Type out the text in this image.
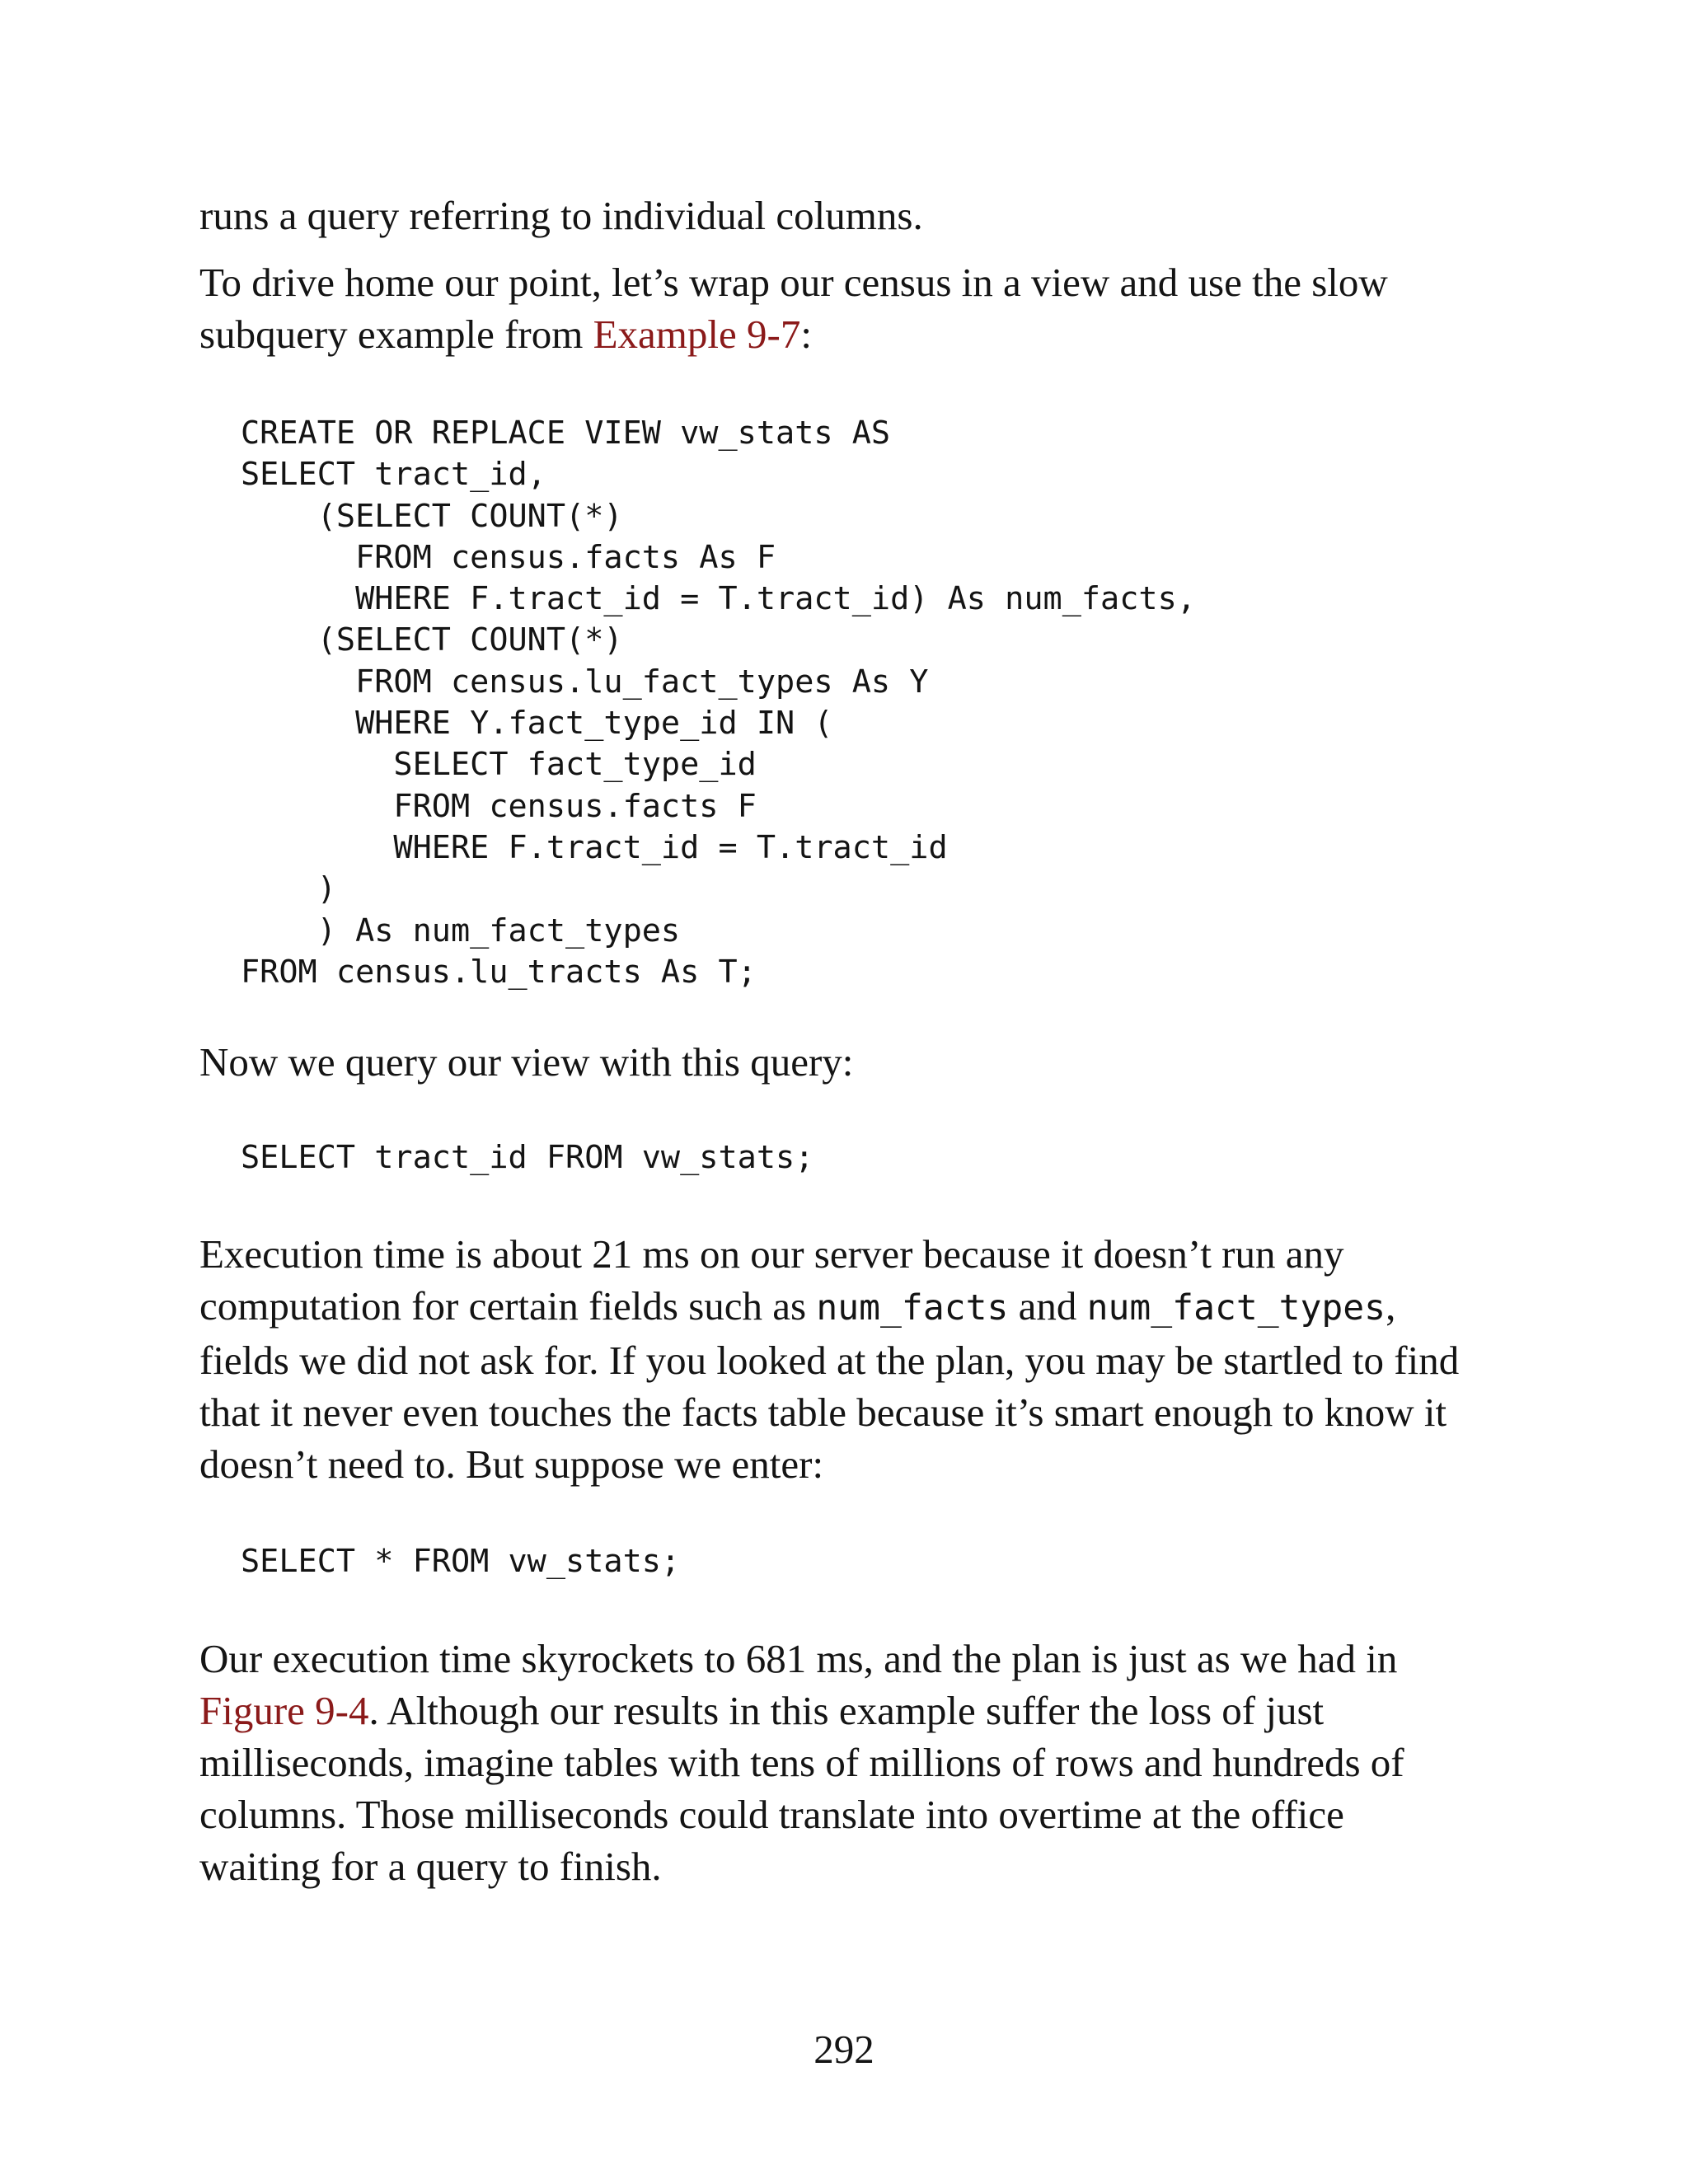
runs a query referring to individual columns.

To drive home our point, let’s wrap our census in a view and use the slow subquery example from Example 9-7:

CREATE OR REPLACE VIEW vw_stats AS
SELECT tract_id,
(SELECT COUNT(*)
FROM census.facts As F
WHERE F.tract_id = T.tract_id) As num_facts,
(SELECT COUNT(*)
FROM census.lu_fact_types As Y
WHERE Y.fact_type_id IN (
SELECT fact_type_id
FROM census.facts F
WHERE F.tract_id = T.tract_id
)
) As num_fact_types
FROM census.lu_tracts As T;

Now we query our view with this query:

SELECT tract_id FROM vw_stats;

Execution time is about 21 ms on our server because it doesn’t run any computation for certain fields such as num_facts and num_fact_types, fields we did not ask for. If you looked at the plan, you may be startled to find that it never even touches the facts table because it’s smart enough to know it doesn’t need to. But suppose we enter:

SELECT * FROM vw_stats;

Our execution time skyrockets to 681 ms, and the plan is just as we had in Figure 9-4. Although our results in this example suffer the loss of just milliseconds, imagine tables with tens of millions of rows and hundreds of columns. Those milliseconds could translate into overtime at the office waiting for a query to finish.

292
